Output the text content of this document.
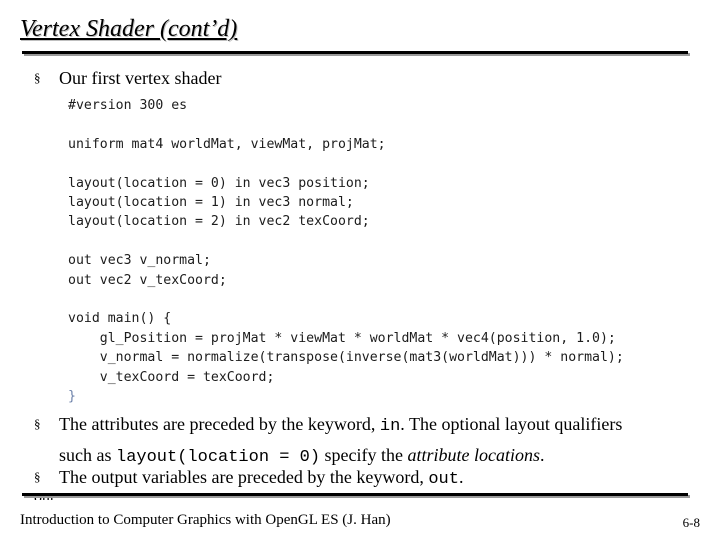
Vertex Shader (cont’d)
§ Our first vertex shader
#version 300 es

uniform mat4 worldMat, viewMat, projMat;

layout(location = 0) in vec3 position;
layout(location = 1) in vec3 normal;
layout(location = 2) in vec2 texCoord;

out vec3 v_normal;
out vec2 v_texCoord;

void main() {
gl_Position = projMat * viewMat * worldMat * vec4(position, 1.0);
v_normal = normalize(transpose(inverse(mat3(worldMat))) * normal);
v_texCoord = texCoord;
}
§ The attributes are preceded by the keyword, in. The optional layout qualifiers
such as layout(location = 0) specify the attribute locations.
§ The output variables are preceded by the keyword, out.
Introduction to Computer Graphics with OpenGL ES (J. Han)	6-8
